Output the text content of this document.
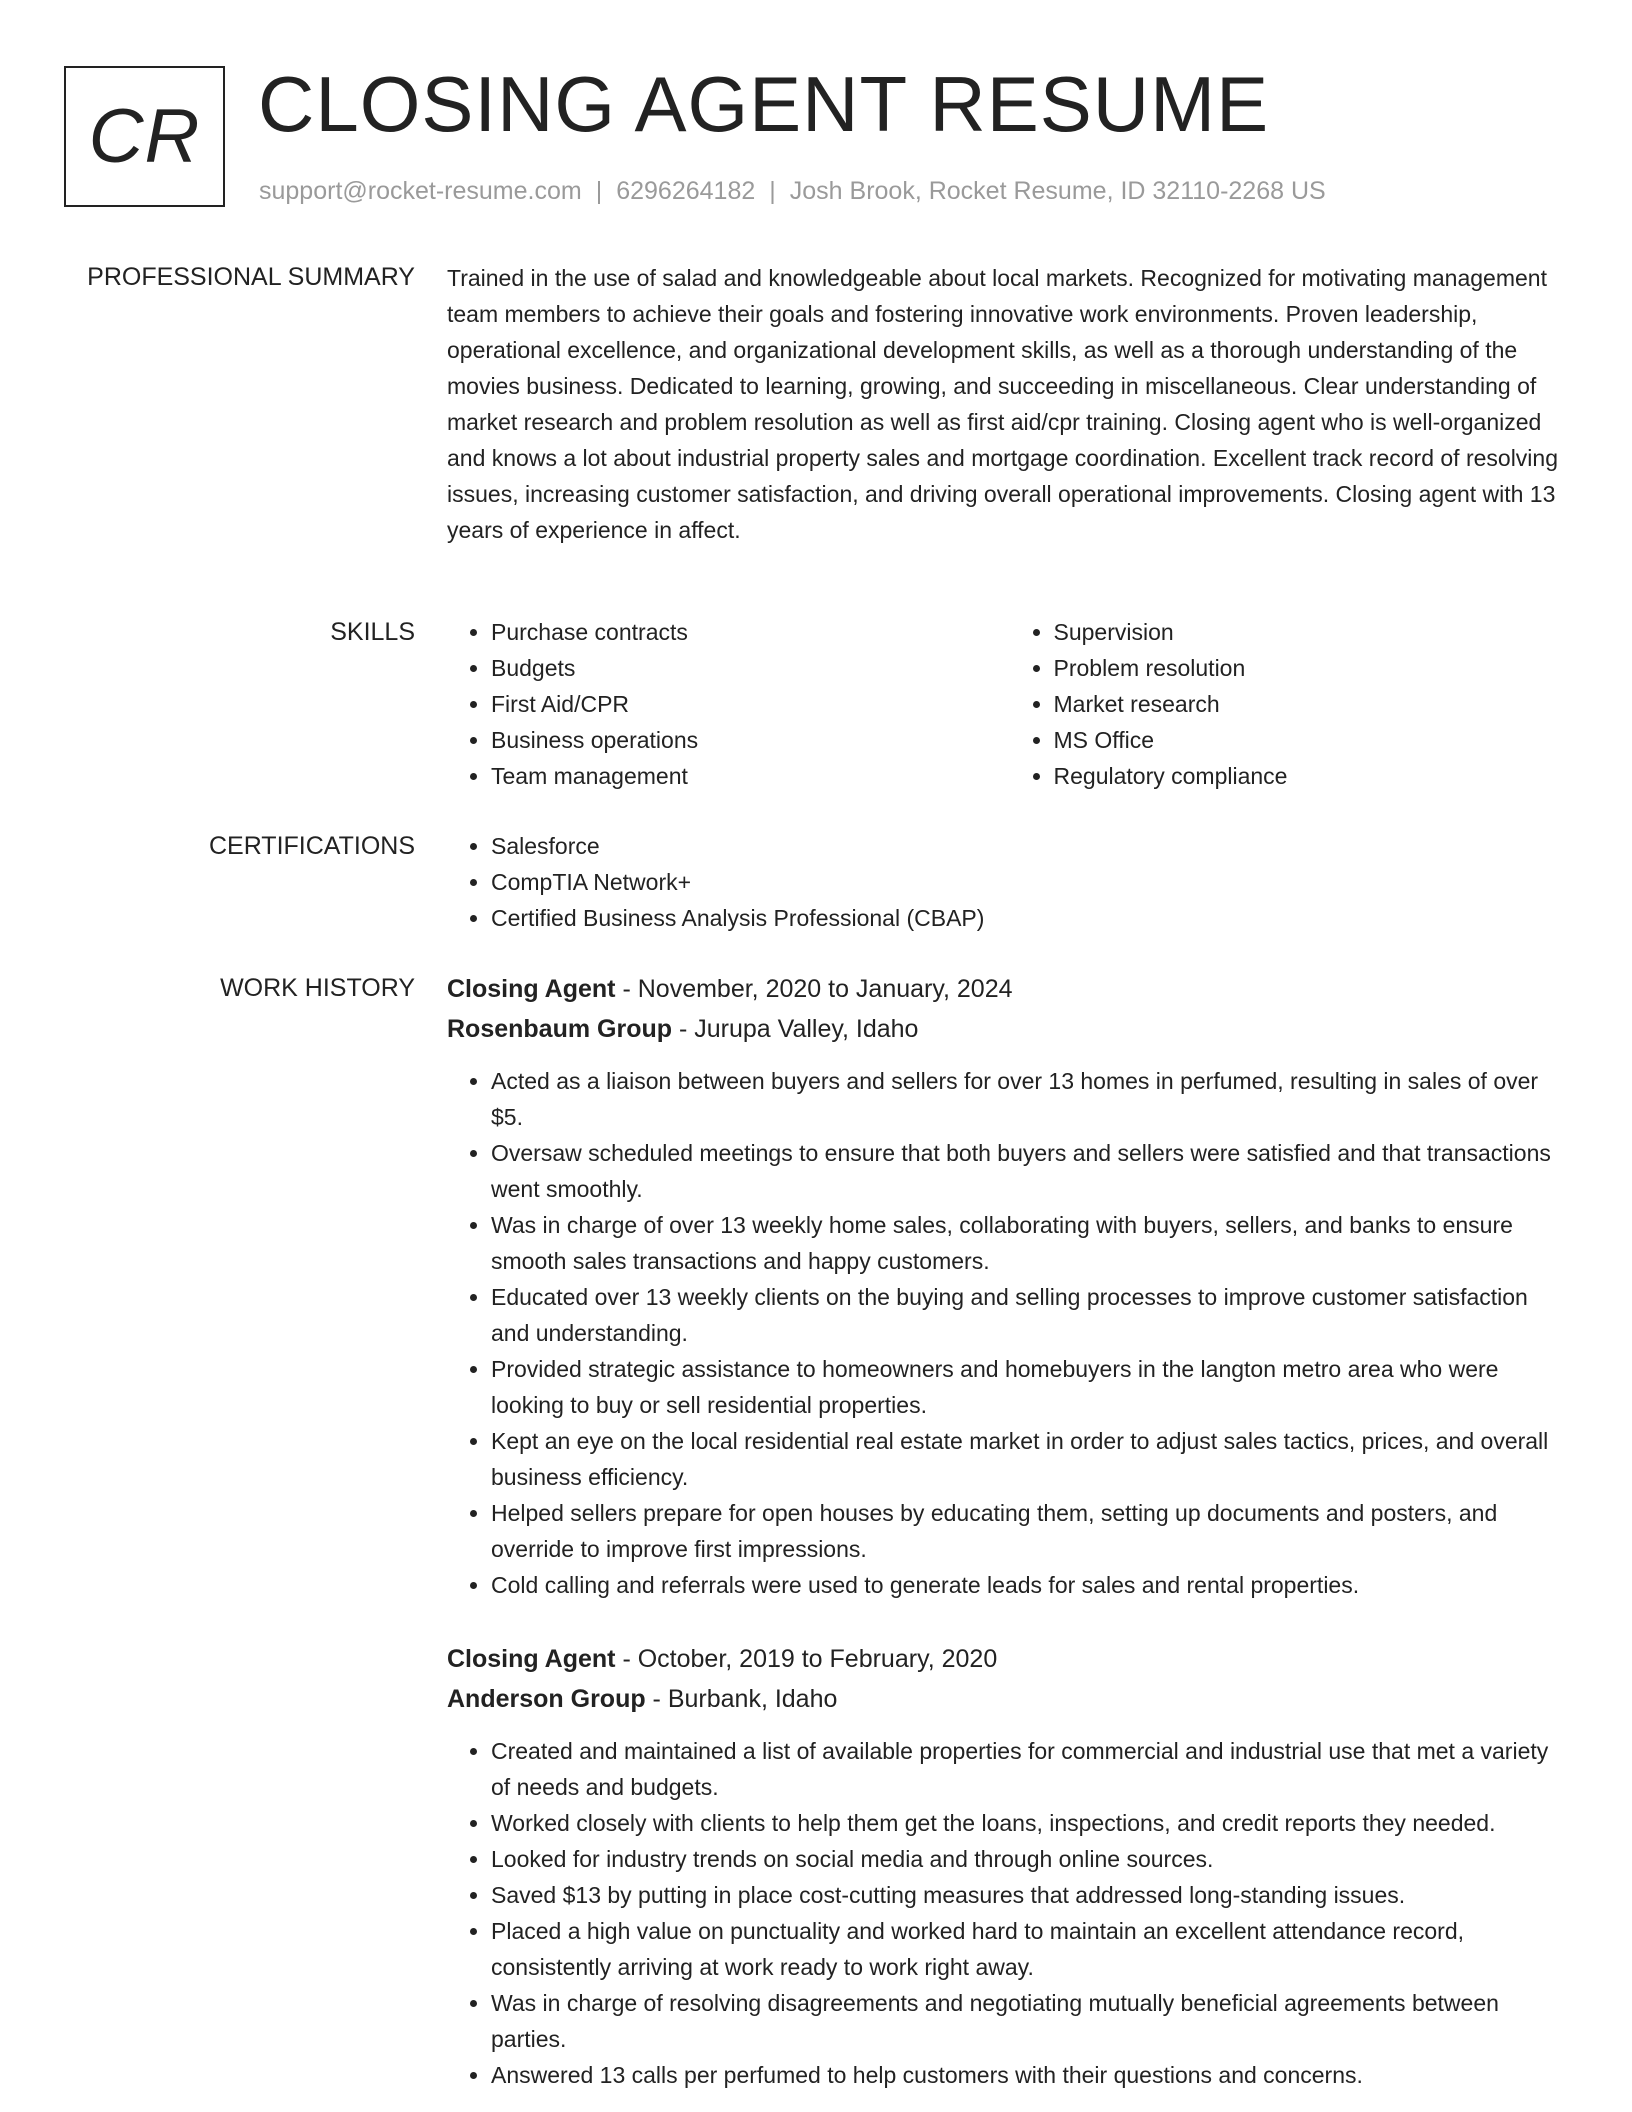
CR CLOSING AGENT RESUME
support@rocket-resume.com | 6296264182 | Josh Brook, Rocket Resume, ID 32110-2268 US
PROFESSIONAL SUMMARY Trained in the use of salad and knowledgeable about local markets. Recognized for motivating management team members to achieve their goals and fostering innovative work environments. Proven leadership, operational excellence, and organizational development skills, as well as a thorough understanding of the movies business. Dedicated to learning, growing, and succeeding in miscellaneous. Clear understanding of market research and problem resolution as well as first aid/cpr training. Closing agent who is well-organized and knows a lot about industrial property sales and mortgage coordination. Excellent track record of resolving issues, increasing customer satisfaction, and driving overall operational improvements. Closing agent with 13 years of experience in affect.
SKILLS	• Purchase contracts
• Budgets
• First Aid/CPR
• Business operations
• Team management
• Supervision
• Problem resolution
• Market research
• MS Office
• Regulatory compliance
CERTIFICATIONS	• Salesforce
• CompTIA Network+
• Certified Business Analysis Professional (CBAP)
WORK HISTORY Closing Agent - November, 2020 to January, 2024
Rosenbaum Group - Jurupa Valley, Idaho
• Acted as a liaison between buyers and sellers for over 13 homes in perfumed, resulting in sales of over $5.
• Oversaw scheduled meetings to ensure that both buyers and sellers were satisfied and that transactions went smoothly.
• Was in charge of over 13 weekly home sales, collaborating with buyers, sellers, and banks to ensure smooth sales transactions and happy customers.
• Educated over 13 weekly clients on the buying and selling processes to improve customer satisfaction and understanding.
• Provided strategic assistance to homeowners and homebuyers in the langton metro area who were looking to buy or sell residential properties.
• Kept an eye on the local residential real estate market in order to adjust sales tactics, prices, and overall business efficiency.
• Helped sellers prepare for open houses by educating them, setting up documents and posters, and override to improve first impressions.
• Cold calling and referrals were used to generate leads for sales and rental properties.
Closing Agent - October, 2019 to February, 2020
Anderson Group - Burbank, Idaho
• Created and maintained a list of available properties for commercial and industrial use that met a variety of needs and budgets.
• Worked closely with clients to help them get the loans, inspections, and credit reports they needed.
• Looked for industry trends on social media and through online sources.
• Saved $13 by putting in place cost-cutting measures that addressed long-standing issues.
• Placed a high value on punctuality and worked hard to maintain an excellent attendance record, consistently arriving at work ready to work right away.
• Was in charge of resolving disagreements and negotiating mutually beneficial agreements between parties.
• Answered 13 calls per perfumed to help customers with their questions and concerns.
